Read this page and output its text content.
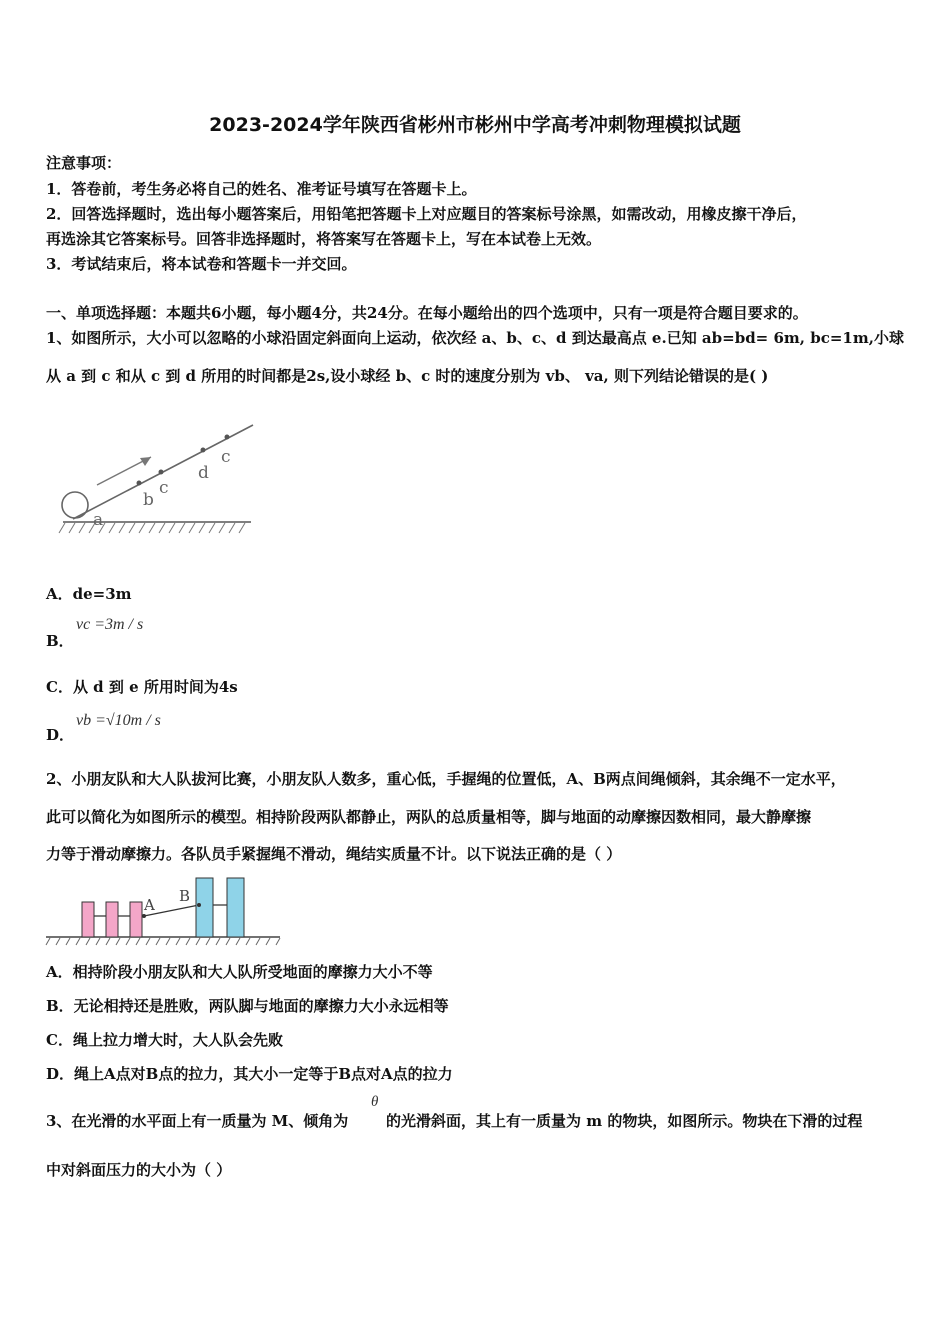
2023-2024学年陕西省彬州市彬州中学高考冲刺物理模拟试题
注意事项：
1．答卷前，考生务必将自己的姓名、准考证号填写在答题卡上。
2．回答选择题时，选出每小题答案后，用铅笔把答题卡上对应题目的答案标号涂黑，如需改动，用橡皮擦干净后，
再选涂其它答案标号。回答非选择题时，将答案写在答题卡上，写在本试卷上无效。
3．考试结束后，将本试卷和答题卡一并交回。
一、单项选择题：本题共6小题，每小题4分，共24分。在每小题给出的四个选项中，只有一项是符合题目要求的。
1、如图所示，大小可以忽略的小球沿固定斜面向上运动，依次经 a、b、c、d 到达最高点 e.已知 ab=bd= 6m, bc=1m,小球
从 a 到 c 和从 c 到 d 所用的时间都是2s,设小球经 b、c 时的速度分别为 vb、 va, 则下列结论错误的是( )
a
b
c
d
c
A．de=3m
B．
vc =3m / s
C．从 d 到 e 所用时间为4s
D．
vb =√10m / s
2、小朋友队和大人队拔河比赛，小朋友队人数多，重心低，手握绳的位置低，A、B两点间绳倾斜，其余绳不一定水平，
此可以简化为如图所示的模型。相持阶段两队都静止，两队的总质量相等，脚与地面的动摩擦因数相同，最大静摩擦
力等于滑动摩擦力。各队员手紧握绳不滑动，绳结实质量不计。以下说法正确的是（ ）
A B
A．相持阶段小朋友队和大人队所受地面的摩擦力大小不等
B．无论相持还是胜败，两队脚与地面的摩擦力大小永远相等
C．绳上拉力增大时，大人队会先败
D．绳上A点对B点的拉力，其大小一定等于B点对A点的拉力
3、在光滑的水平面上有一质量为 M、倾角为
θ
的光滑斜面，其上有一质量为 m 的物块，如图所示。物块在下滑的过程
中对斜面压力的大小为（ ）
